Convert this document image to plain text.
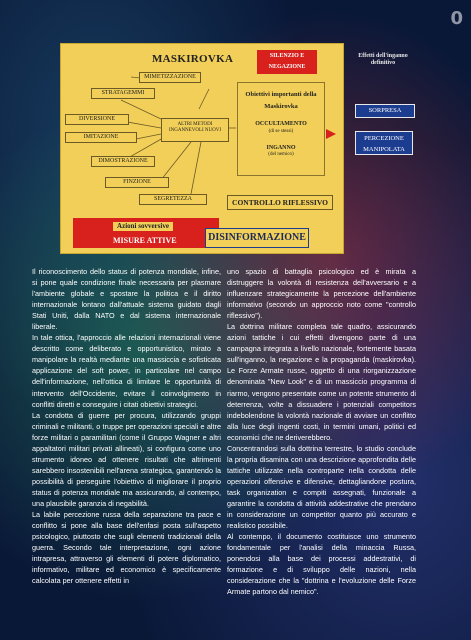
0
MASKIROVKA
MIMETIZZAZIONE
STRATAGEMMI
DIVERSIONE
IMITAZIONE
ALTRI METODI INGANNEVOLI NUOVI
DIMOSTRAZIONE
FINZIONE
SEGRETEZZA	CONTROLLO RIFLESSIVO
SILENZIO E NEGAZIONE
Obiettivi importanti della Maskirovka
OCCULTAMENTO
(di se stessi)
INGANNO
(del nemico)
Azioni sovversive
MISURE ATTIVE	DISINFORMAZIONE
Effetti dell'inganno definitivo
SORPRESA
PERCEZIONE MANIPOLATA

Il riconoscimento dello status di potenza mondiale, infine, si pone quale condizione finale necessaria per plasmare l'ambiente globale e spostare la politica e il diritto internazionale lontano dall'attuale sistema guidato dagli Stati Uniti, dalla NATO e dal sistema internazionale liberale.

In tale ottica, l'approccio alle relazioni internazionali viene descritto come deliberato e opportunistico, mirato a manipolare la realtà mediante una massiccia e sofisticata applicazione del soft power, in particolare nel campo dell'informazione, nell'ottica di limitare le opportunità di intervento dell'Occidente, evitare il coinvolgimento in conflitti diretti e conseguire i citati obiettivi strategici.

La condotta di guerre per procura, utilizzando gruppi criminali e militanti, o truppe per operazioni speciali e altre forze militari o paramilitari (come il Gruppo Wagner e altri appaltatori militari privati allineati), si configura come uno strumento idoneo ad ottenere risultati che altrimenti sarebbero insostenibili nell'arena strategica, garantendo la possibilità di perseguire l'obiettivo di migliorare il proprio status di potenza mondiale ma assicurando, al contempo, una plausibile garanzia di negabilità.

La labile percezione russa della separazione tra pace e conflitto si pone alla base dell'enfasi posta sull'aspetto psicologico, piuttosto che sugli elementi tradizionali della guerra. Secondo tale interpretazione, ogni azione intrapresa, attraverso gli elementi di potere diplomatico, informativo, militare ed economico è specificamente calcolata per ottenere effetti in

uno spazio di battaglia psicologico ed è mirata a distruggere la volontà di resistenza dell'avversario e a influenzare strategicamente la percezione dell'ambiente informativo (secondo un approccio noto come "controllo riflessivo").

La dottrina militare completa tale quadro, assicurando azioni tattiche i cui effetti divengono parte di una campagna integrata a livello nazionale, fortemente basata sull'inganno, la negazione e la propaganda (maskirovka). Le Forze Armate russe, oggetto di una riorganizzazione denominata "New Look" e di un massiccio programma di riarmo, vengono presentate come un potente strumento di deterrenza, volte a dissuadere i potenziali competitors indebolendone la volontà nazionale di avviare un conflitto alla luce degli ingenti costi, in termini umani, politici ed economici che ne deriverebbero.

Concentrandosi sulla dottrina terrestre, lo studio conclude la propria disamina con una descrizione approfondita delle tattiche utilizzate nella controparte nella condotta delle operazioni offensive e difensive, dettagliandone postura, task organization e compiti assegnati, funzionale a garantire la condotta di attività addestrative che prendano in considerazione un competitor quanto più accurato e realistico possibile.

Al contempo, il documento costituisce uno strumento fondamentale per l'analisi della minaccia Russa, ponendosi alla base dei processi addestrativi, di formazione e di sviluppo delle nazioni, nella considerazione che la "dottrina e l'evoluzione delle Forze Armate partono dal nemico".
